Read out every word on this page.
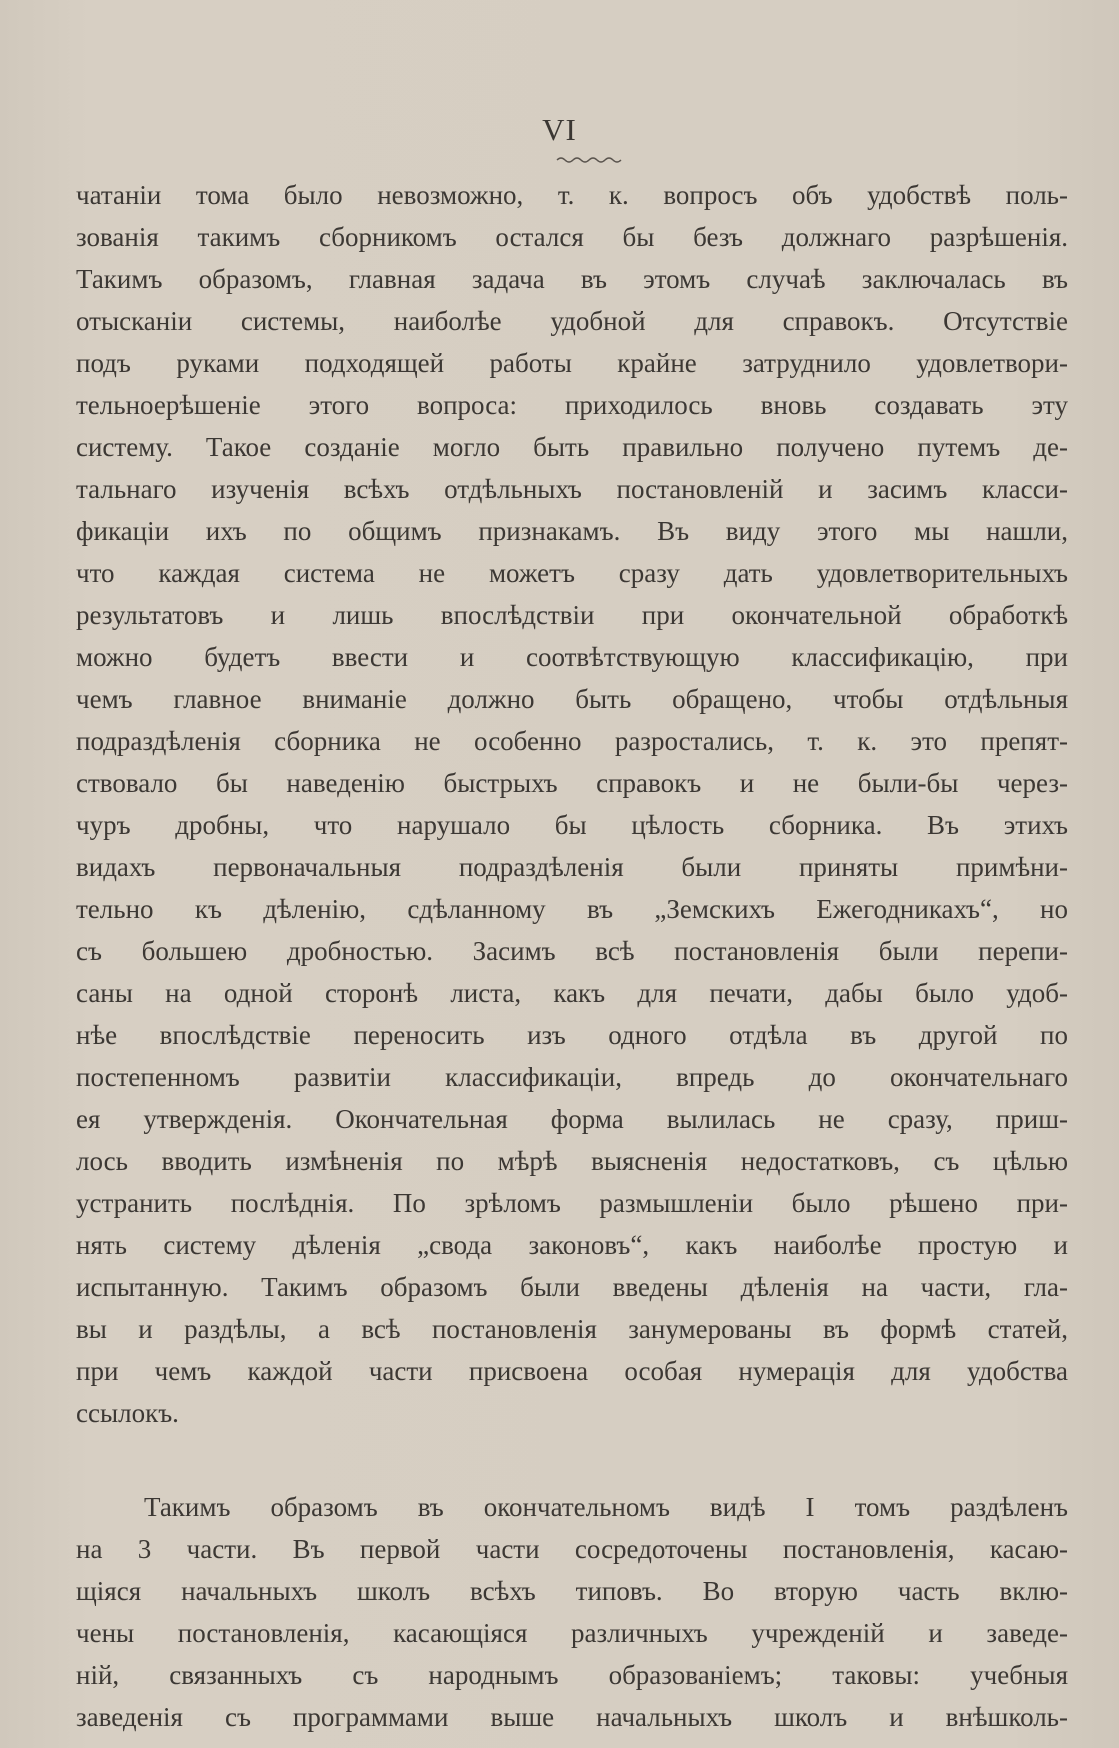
VI
чатаніи тома было невозможно, т. к. вопросъ объ удобствѣ поль-
зованія такимъ сборникомъ остался бы безъ должнаго разрѣшенія.
Такимъ образомъ, главная задача въ этомъ случаѣ заключалась въ
отысканіи системы, наиболѣе удобной для справокъ. Отсутствіе
подъ руками подходящей работы крайне затруднило удовлетвори-
тельноерѣшеніе этого вопроса: приходилось вновь создавать эту
систему. Такое созданіе могло быть правильно получено путемъ де-
тальнаго изученія всѣхъ отдѣльныхъ постановленій и засимъ класси-
фикаціи ихъ по общимъ признакамъ. Въ виду этого мы нашли,
что каждая система не можетъ сразу дать удовлетворительныхъ
результатовъ и лишь впослѣдствіи при окончательной обработкѣ
можно будетъ ввести и соотвѣтствующую классификацію, при
чемъ главное вниманіе должно быть обращено, чтобы отдѣльныя
подраздѣленія сборника не особенно разростались, т. к. это препят-
ствовало бы наведенію быстрыхъ справокъ и не были-бы через-
чуръ дробны, что нарушало бы цѣлость сборника. Въ этихъ
видахъ первоначальныя подраздѣленія были приняты примѣни-
тельно къ дѣленію, сдѣланному въ „Земскихъ Ежегодникахъ“, но
съ большею дробностью. Засимъ всѣ постановленія были перепи-
саны на одной сторонѣ листа, какъ для печати, дабы было удоб-
нѣе впослѣдствіе переносить изъ одного отдѣла въ другой по
постепенномъ развитіи классификаціи, впредь до окончательнаго
ея утвержденія. Окончательная форма вылилась не сразу, приш-
лось вводить измѣненія по мѣрѣ выясненія недостатковъ, съ цѣлью
устранить послѣднія. По зрѣломъ размышленіи было рѣшено при-
нять систему дѣленія „свода законовъ“, какъ наиболѣе простую и
испытанную. Такимъ образомъ были введены дѣленія на части, гла-
вы и раздѣлы, а всѣ постановленія занумерованы въ формѣ статей,
при чемъ каждой части присвоена особая нумерація для удобства
ссылокъ.
Такимъ образомъ въ окончательномъ видѣ I томъ раздѣленъ
на 3 части. Въ первой части сосредоточены постановленія, касаю-
щіяся начальныхъ школъ всѣхъ типовъ. Во вторую часть вклю-
чены постановленія, касающіяся различныхъ учрежденій и заведе-
ній, связанныхъ съ народнымъ образованіемъ; таковы: учебныя
заведенія съ программами выше начальныхъ школъ и внѣшколь-
